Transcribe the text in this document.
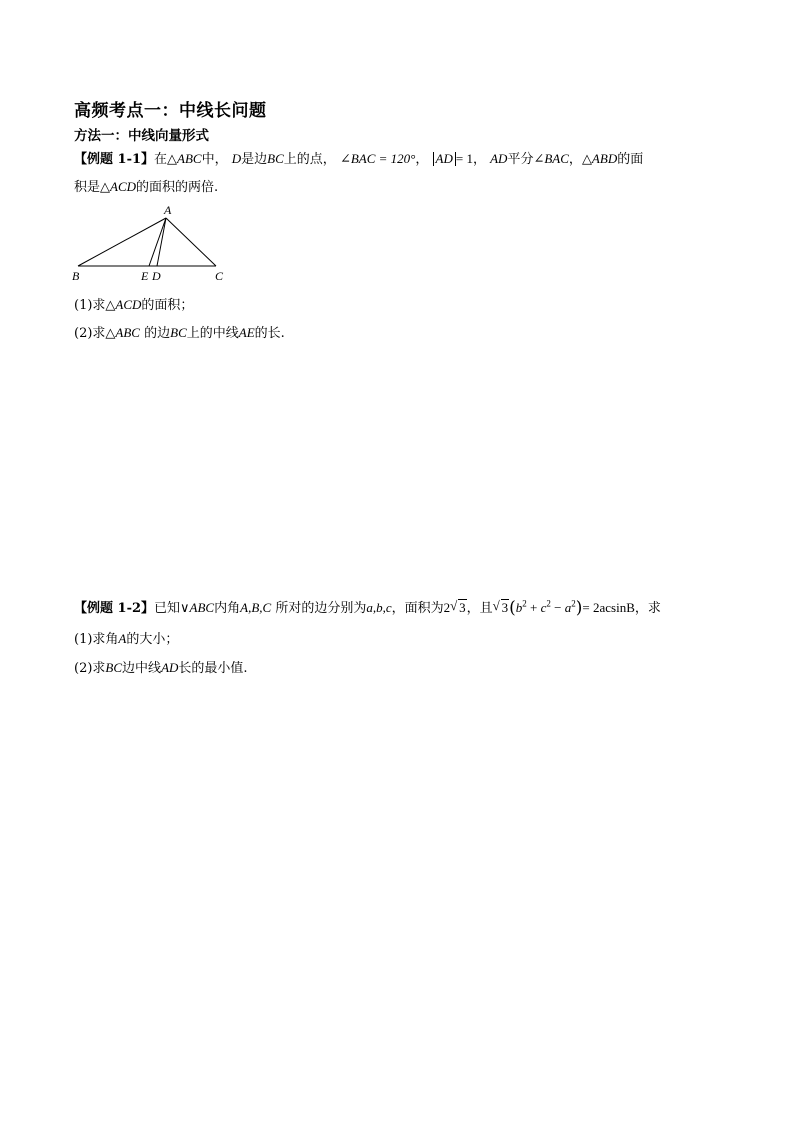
高频考点一：中线长问题
方法一：中线向量形式
【例题 1-1】在△ABC中， D是边BC上的点， ∠BAC = 120°， AD = 1， AD平分∠BAC，△ABD的面
积是△ACD的面积的两倍.
A
B	C
E D
(1)求△ACD的面积；
(2)求△ABC 的边BC上的中线AE的长.
【例题 1-2】已知∨ABC内角A,B,C 所对的边分别为a,b,c，面积为2 √ 3，且 √ $3(b^2 + c^2 - a^2)= 2acsinB$，求
(1)求角A的大小；
(2)求BC边中线AD长的最小值.
